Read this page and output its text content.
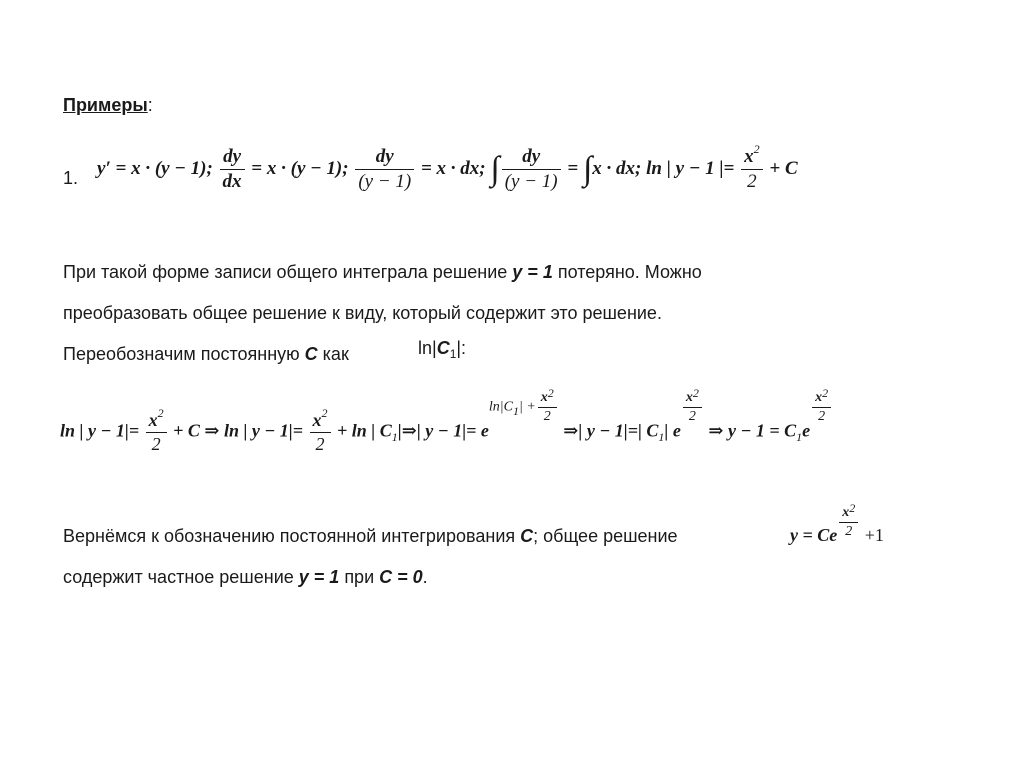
Примеры:
1. y′ = x · (y − 1); $\frac{dy}{dx} = x \cdot (y - 1)$; $\frac{dy}{(y - 1)} = x$ · dx; ∫ $\frac{dy}{(y - 1)} = \int x$ · dx; ln | y − 1 |= $\frac{x^2}{2} + C$
При такой форме записи общего интеграла решение y = 1 потеряно. Можно
преобразовать общее решение к виду, который содержит это решение.
Переобозначим постоянную C как	$\ln|C_1|$:
ln | $y - 1|= \frac{x^2}{2} + C$ ⇒ ln | $y - 1|= \frac{x^2}{2} + \ln$ | $C_1|\Rightarrow|$ $y - 1|= eln|C1| + \frac{x2}{2}$
⇒| y − 1|=| $C_1|$ e
$\frac{x2}{2}$
⇒ $y - 1 = C_1e$
$\frac{x2}{2}$
Вернёмся к обозначению постоянной интегрирования C; общее решение	y = Ce $\frac{x2}{2} +1$
содержит частное решение y = 1 при C = 0.
